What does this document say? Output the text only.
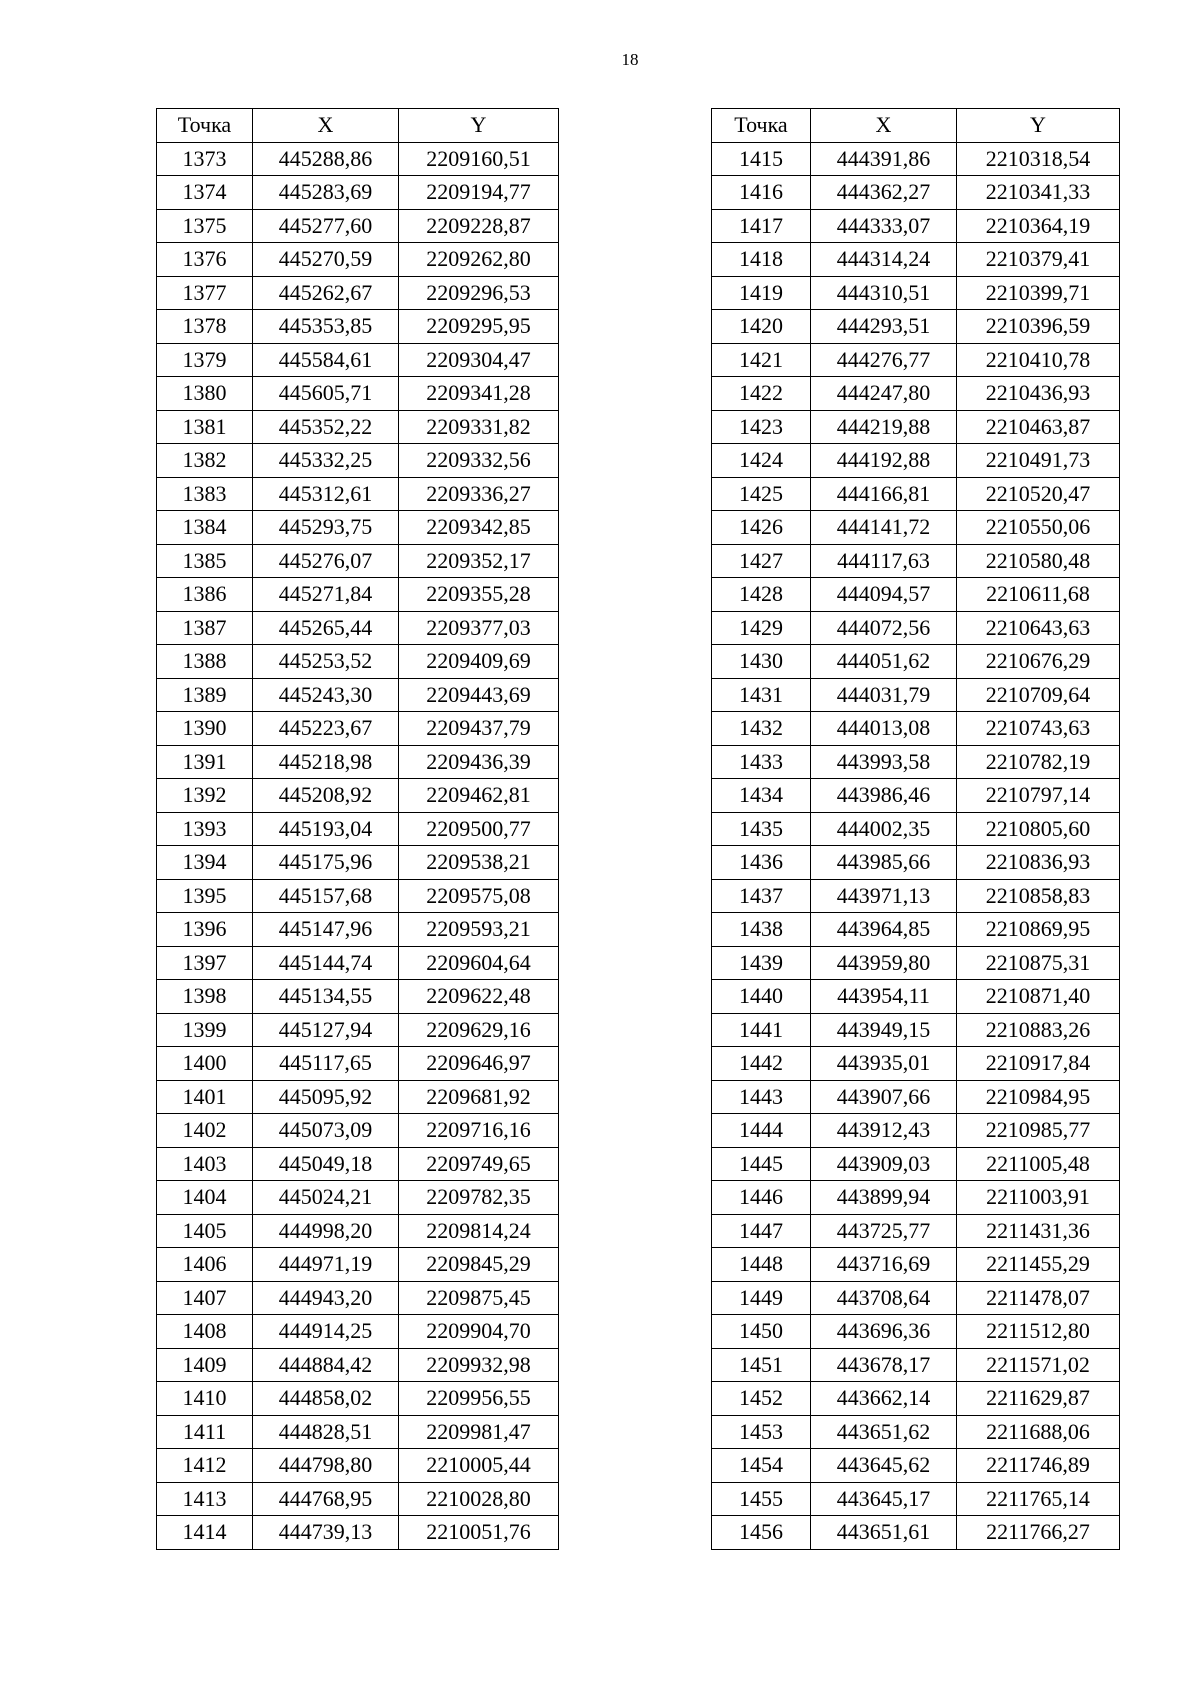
18
Точка	X	Y
1373	445288,86	2209160,51
1374	445283,69	2209194,77
1375	445277,60	2209228,87
1376	445270,59	2209262,80
1377	445262,67	2209296,53
1378	445353,85	2209295,95
1379	445584,61	2209304,47
1380	445605,71	2209341,28
1381	445352,22	2209331,82
1382	445332,25	2209332,56
1383	445312,61	2209336,27
1384	445293,75	2209342,85
1385	445276,07	2209352,17
1386	445271,84	2209355,28
1387	445265,44	2209377,03
1388	445253,52	2209409,69
1389	445243,30	2209443,69
1390	445223,67	2209437,79
1391	445218,98	2209436,39
1392	445208,92	2209462,81
1393	445193,04	2209500,77
1394	445175,96	2209538,21
1395	445157,68	2209575,08
1396	445147,96	2209593,21
1397	445144,74	2209604,64
1398	445134,55	2209622,48
1399	445127,94	2209629,16
1400	445117,65	2209646,97
1401	445095,92	2209681,92
1402	445073,09	2209716,16
1403	445049,18	2209749,65
1404	445024,21	2209782,35
1405	444998,20	2209814,24
1406	444971,19	2209845,29
1407	444943,20	2209875,45
1408	444914,25	2209904,70
1409	444884,42	2209932,98
1410	444858,02	2209956,55
1411	444828,51	2209981,47
1412	444798,80	2210005,44
1413	444768,95	2210028,80
1414	444739,13	2210051,76
Точка	X	Y
1415	444391,86	2210318,54
1416	444362,27	2210341,33
1417	444333,07	2210364,19
1418	444314,24	2210379,41
1419	444310,51	2210399,71
1420	444293,51	2210396,59
1421	444276,77	2210410,78
1422	444247,80	2210436,93
1423	444219,88	2210463,87
1424	444192,88	2210491,73
1425	444166,81	2210520,47
1426	444141,72	2210550,06
1427	444117,63	2210580,48
1428	444094,57	2210611,68
1429	444072,56	2210643,63
1430	444051,62	2210676,29
1431	444031,79	2210709,64
1432	444013,08	2210743,63
1433	443993,58	2210782,19
1434	443986,46	2210797,14
1435	444002,35	2210805,60
1436	443985,66	2210836,93
1437	443971,13	2210858,83
1438	443964,85	2210869,95
1439	443959,80	2210875,31
1440	443954,11	2210871,40
1441	443949,15	2210883,26
1442	443935,01	2210917,84
1443	443907,66	2210984,95
1444	443912,43	2210985,77
1445	443909,03	2211005,48
1446	443899,94	2211003,91
1447	443725,77	2211431,36
1448	443716,69	2211455,29
1449	443708,64	2211478,07
1450	443696,36	2211512,80
1451	443678,17	2211571,02
1452	443662,14	2211629,87
1453	443651,62	2211688,06
1454	443645,62	2211746,89
1455	443645,17	2211765,14
1456	443651,61	2211766,27
